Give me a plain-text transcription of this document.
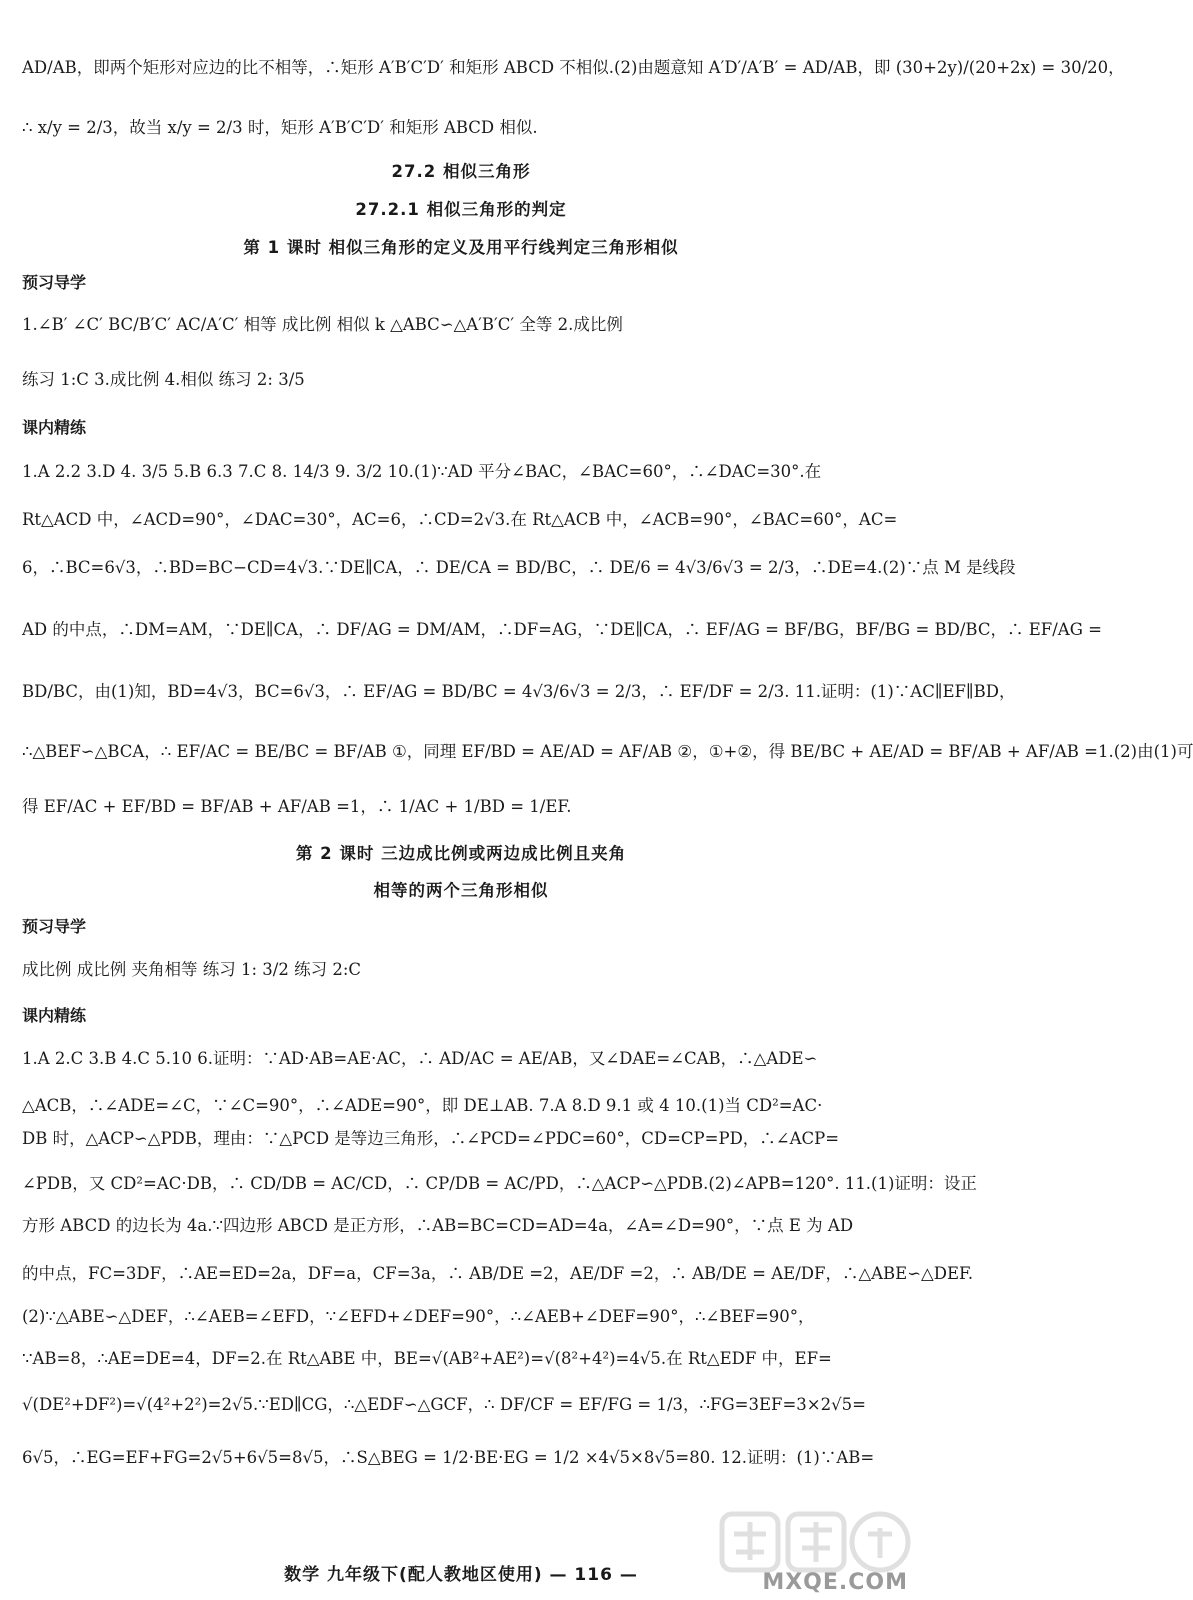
AD/AB，即两个矩形对应边的比不相等，∴矩形 A′B′C′D′ 和矩形 ABCD 不相似.(2)由题意知 A′D′/A′B′ = AD/AB，即 (30+2y)/(20+2x) = 30/20，
∴ x/y = 2/3，故当 x/y = 2/3 时，矩形 A′B′C′D′ 和矩形 ABCD 相似.
27.2 相似三角形
27.2.1 相似三角形的判定
第 1 课时 相似三角形的定义及用平行线判定三角形相似
预习导学
1.∠B′ ∠C′ BC/B′C′ AC/A′C′ 相等 成比例 相似 k △ABC∽△A′B′C′ 全等 2.成比例
练习 1:C 3.成比例 4.相似 练习 2: 3/5
课内精练
1.A 2.2 3.D 4. 3/5 5.B 6.3 7.C 8. 14/3 9. 3/2 10.(1)∵AD 平分∠BAC，∠BAC=60°，∴∠DAC=30°.在
Rt△ACD 中，∠ACD=90°，∠DAC=30°，AC=6，∴CD=2√3.在 Rt△ACB 中，∠ACB=90°，∠BAC=60°，AC=
6，∴BC=6√3，∴BD=BC−CD=4√3.∵DE∥CA，∴ DE/CA = BD/BC，∴ DE/6 = 4√3/6√3 = 2/3，∴DE=4.(2)∵点 M 是线段
AD 的中点，∴DM=AM，∵DE∥CA，∴ DF/AG = DM/AM，∴DF=AG，∵DE∥CA，∴ EF/AG = BF/BG，BF/BG = BD/BC，∴ EF/AG =
BD/BC，由(1)知，BD=4√3，BC=6√3，∴ EF/AG = BD/BC = 4√3/6√3 = 2/3，∴ EF/DF = 2/3. 11.证明：(1)∵AC∥EF∥BD，
∴△BEF∽△BCA，∴ EF/AC = BE/BC = BF/AB ①，同理 EF/BD = AE/AD = AF/AB ②，①+②，得 BE/BC + AE/AD = BF/AB + AF/AB =1.(2)由(1)可
得 EF/AC + EF/BD = BF/AB + AF/AB =1，∴ 1/AC + 1/BD = 1/EF.
第 2 课时 三边成比例或两边成比例且夹角
相等的两个三角形相似
预习导学
成比例 成比例 夹角相等 练习 1: 3/2 练习 2:C
课内精练
1.A 2.C 3.B 4.C 5.10 6.证明：∵AD·AB=AE·AC，∴ AD/AC = AE/AB，又∠DAE=∠CAB，∴△ADE∽
△ACB，∴∠ADE=∠C，∵∠C=90°，∴∠ADE=90°，即 DE⊥AB. 7.A 8.D 9.1 或 4 10.(1)当 CD²=AC·
DB 时，△ACP∽△PDB，理由：∵△PCD 是等边三角形，∴∠PCD=∠PDC=60°，CD=CP=PD，∴∠ACP=
∠PDB，又 CD²=AC·DB，∴ CD/DB = AC/CD，∴ CP/DB = AC/PD，∴△ACP∽△PDB.(2)∠APB=120°. 11.(1)证明：设正
方形 ABCD 的边长为 4a.∵四边形 ABCD 是正方形，∴AB=BC=CD=AD=4a，∠A=∠D=90°，∵点 E 为 AD
的中点，FC=3DF，∴AE=ED=2a，DF=a，CF=3a，∴ AB/DE =2，AE/DF =2，∴ AB/DE = AE/DF，∴△ABE∽△DEF.
(2)∵△ABE∽△DEF，∴∠AEB=∠EFD，∵∠EFD+∠DEF=90°，∴∠AEB+∠DEF=90°，∴∠BEF=90°，
∵AB=8，∴AE=DE=4，DF=2.在 Rt△ABE 中，BE=√(AB²+AE²)=√(8²+4²)=4√5.在 Rt△EDF 中，EF=
√(DE²+DF²)=√(4²+2²)=2√5.∵ED∥CG，∴△EDF∽△GCF，∴ DF/CF = EF/FG = 1/3，∴FG=3EF=3×2√5=
6√5，∴EG=EF+FG=2√5+6√5=8√5，∴S△BEG = 1/2·BE·EG = 1/2 ×4√5×8√5=80. 12.证明：(1)∵AB=
MXQE.COM
数学 九年级下(配人教地区使用) — 116 —
